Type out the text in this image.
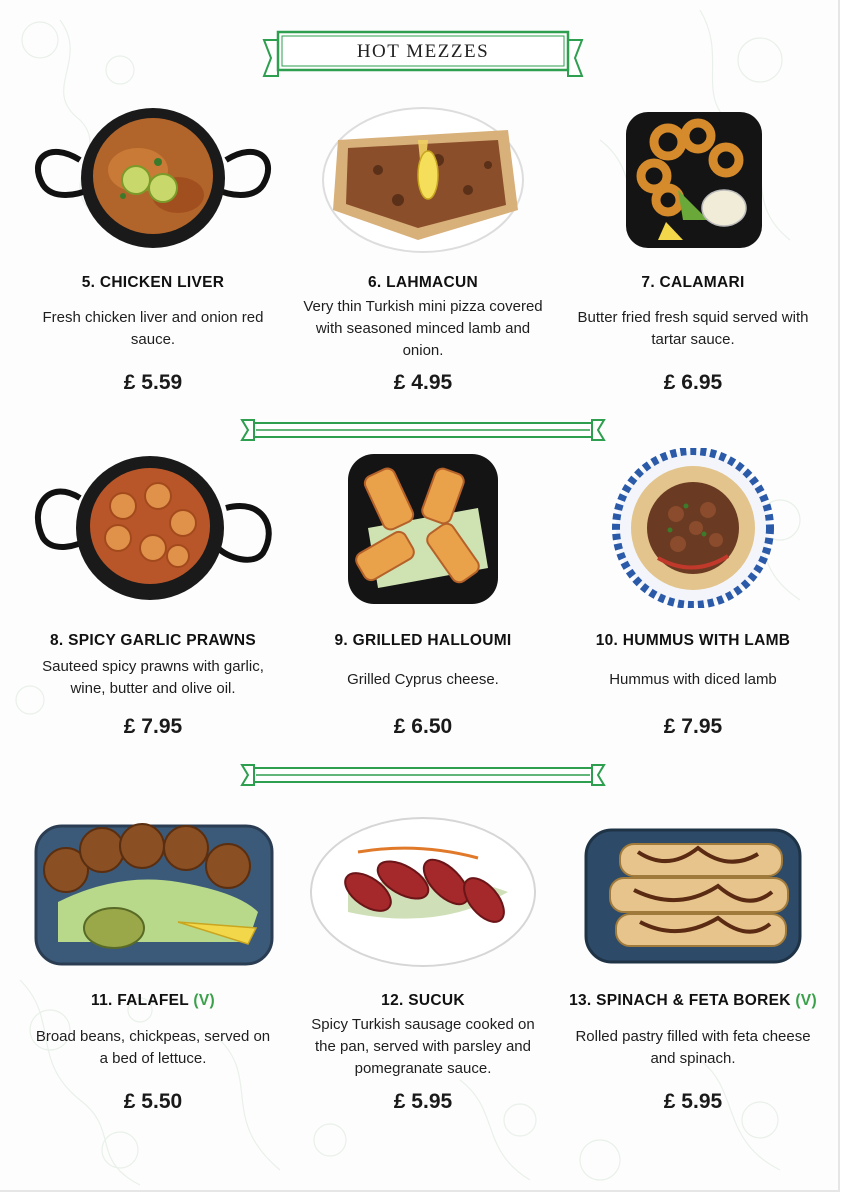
HOT MEZZES
5. CHICKEN LIVER
Fresh chicken liver and onion red sauce.
£ 5.59
6. LAHMACUN
Very thin Turkish mini pizza covered with seasoned minced lamb and onion.
£ 4.95
7. CALAMARI
Butter fried fresh squid served with tartar sauce.
£ 6.95
8. SPICY GARLIC PRAWNS
Sauteed spicy prawns with garlic, wine, butter and olive oil.
£ 7.95
9. GRILLED HALLOUMI
Grilled Cyprus cheese.
£ 6.50
10. HUMMUS WITH LAMB
Hummus with diced lamb
£ 7.95
11. FALAFEL (V)
Broad beans, chickpeas, served on a bed of lettuce.
£ 5.50
12. SUCUK
Spicy Turkish sausage cooked on the pan, served with parsley and pomegranate sauce.
£ 5.95
13. SPINACH & FETA BOREK (V)
Rolled pastry filled with feta cheese and spinach.
£ 5.95
